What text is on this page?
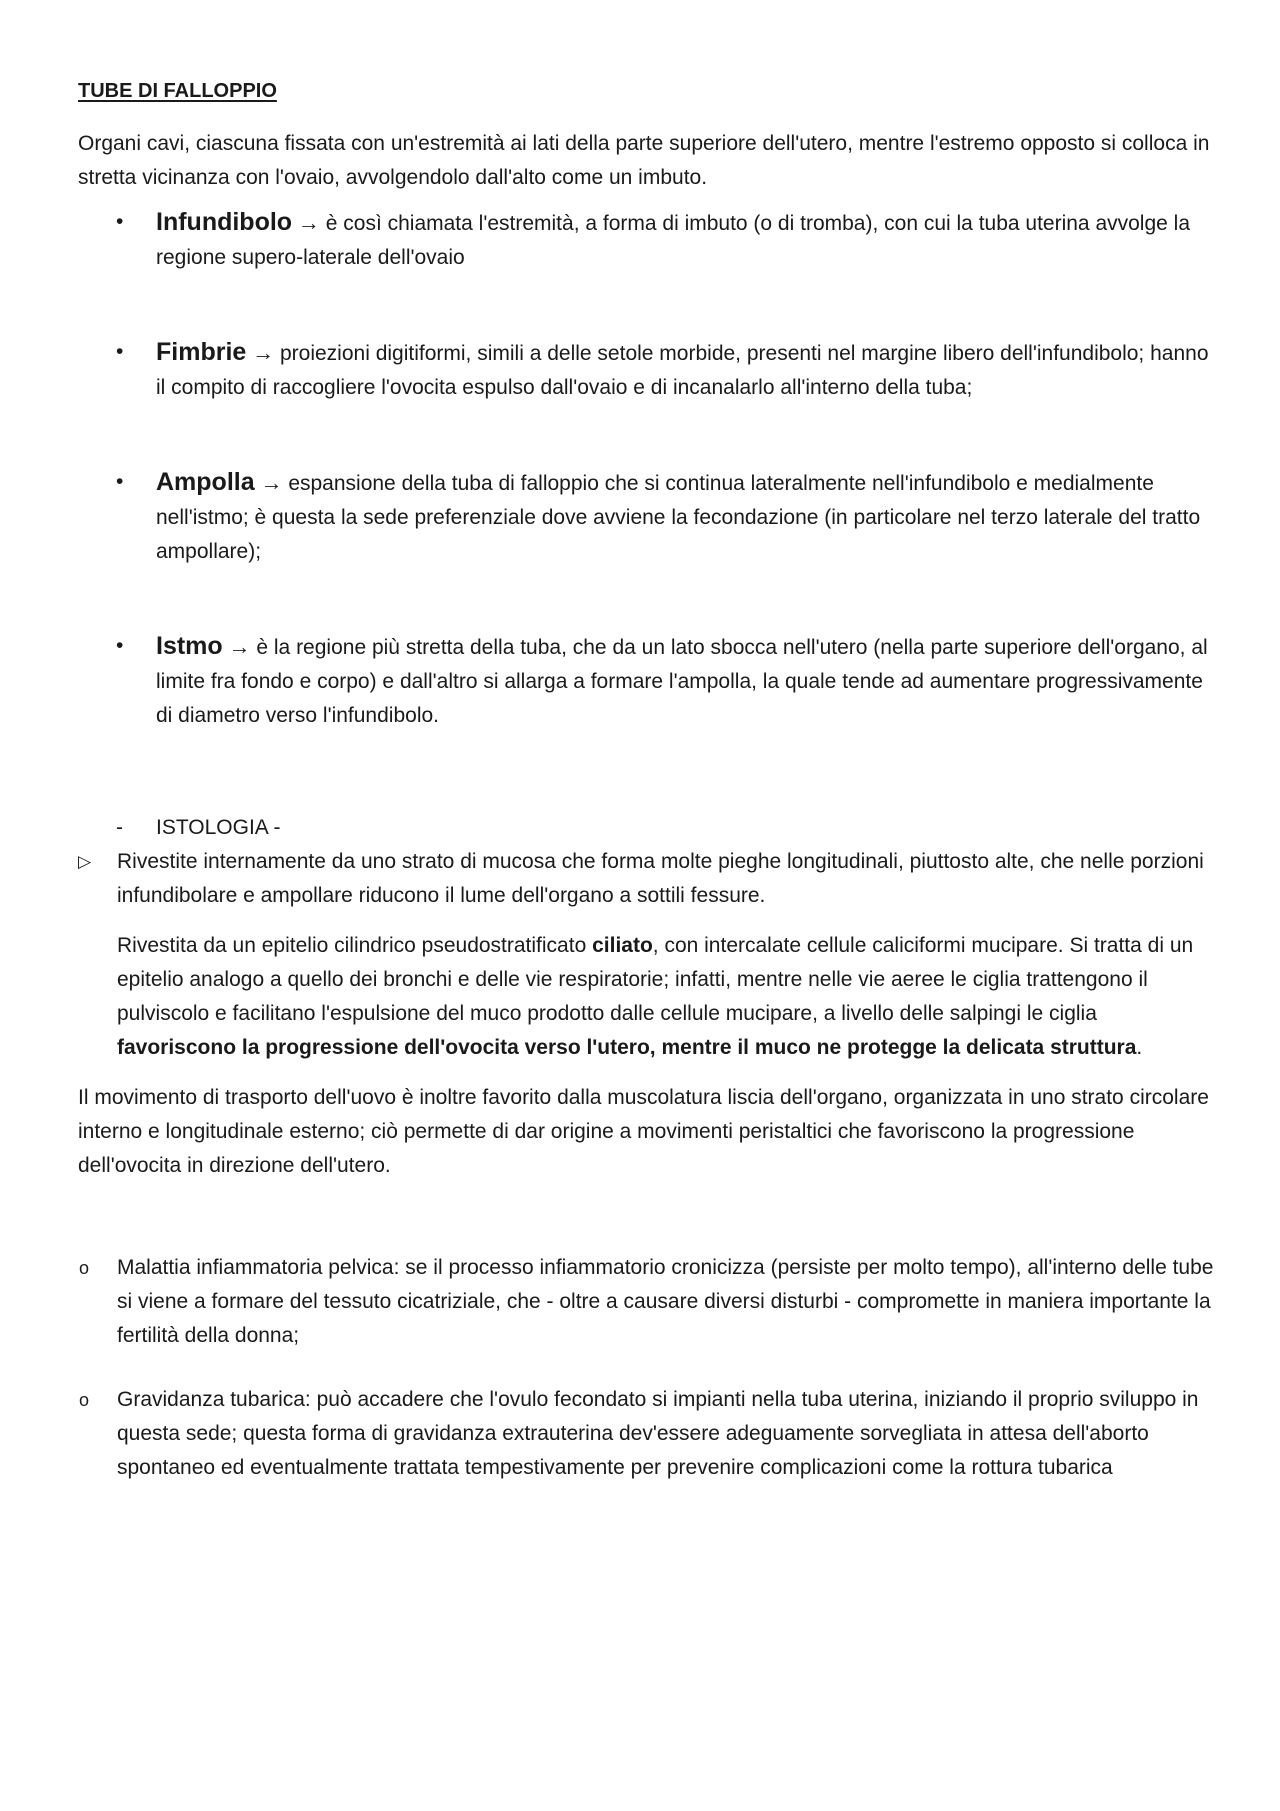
TUBE DI FALLOPPIO

Organi cavi, ciascuna fissata con un'estremità ai lati della parte superiore dell'utero, mentre l'estremo opposto si colloca in stretta vicinanza con l'ovaio, avvolgendolo dall'alto come un imbuto.

• Infundibolo → è così chiamata l'estremità, a forma di imbuto (o di tromba), con cui la tuba uterina avvolge la regione supero-laterale dell'ovaio
• Fimbrie → proiezioni digitiformi, simili a delle setole morbide, presenti nel margine libero dell'infundibolo; hanno il compito di raccogliere l'ovocita espulso dall'ovaio e di incanalarlo all'interno della tuba;
• Ampolla → espansione della tuba di falloppio che si continua lateralmente nell'infundibolo e medialmente nell'istmo; è questa la sede preferenziale dove avviene la fecondazione (in particolare nel terzo laterale del tratto ampollare);
• Istmo → è la regione più stretta della tuba, che da un lato sbocca nell'utero (nella parte superiore dell'organo, al limite fra fondo e corpo) e dall'altro si allarga a formare l'ampolla, la quale tende ad aumentare progressivamente di diametro verso l'infundibolo.
- ISTOLOGIA -

▷ Rivestite internamente da uno strato di mucosa che forma molte pieghe longitudinali, piuttosto alte, che nelle porzioni infundibolare e ampollare riducono il lume dell'organo a sottili fessure.

Rivestita da un epitelio cilindrico pseudostratificato ciliato, con intercalate cellule caliciformi mucipare. Si tratta di un epitelio analogo a quello dei bronchi e delle vie respiratorie; infatti, mentre nelle vie aeree le ciglia trattengono il pulviscolo e facilitano l'espulsione del muco prodotto dalle cellule mucipare, a livello delle salpingi le ciglia favoriscono la progressione dell'ovocita verso l'utero, mentre il muco ne protegge la delicata struttura.

Il movimento di trasporto dell'uovo è inoltre favorito dalla muscolatura liscia dell'organo, organizzata in uno strato circolare interno e longitudinale esterno; ciò permette di dar origine a movimenti peristaltici che favoriscono la progressione dell'ovocita in direzione dell'utero.

o Malattia infiammatoria pelvica: se il processo infiammatorio cronicizza (persiste per molto tempo), all'interno delle tube si viene a formare del tessuto cicatriziale, che - oltre a causare diversi disturbi - compromette in maniera importante la fertilità della donna;
o Gravidanza tubarica: può accadere che l'ovulo fecondato si impianti nella tuba uterina, iniziando il proprio sviluppo in questa sede; questa forma di gravidanza extrauterina dev'essere adeguamente sorvegliata in attesa dell'aborto spontaneo ed eventualmente trattata tempestivamente per prevenire complicazioni come la rottura tubarica
